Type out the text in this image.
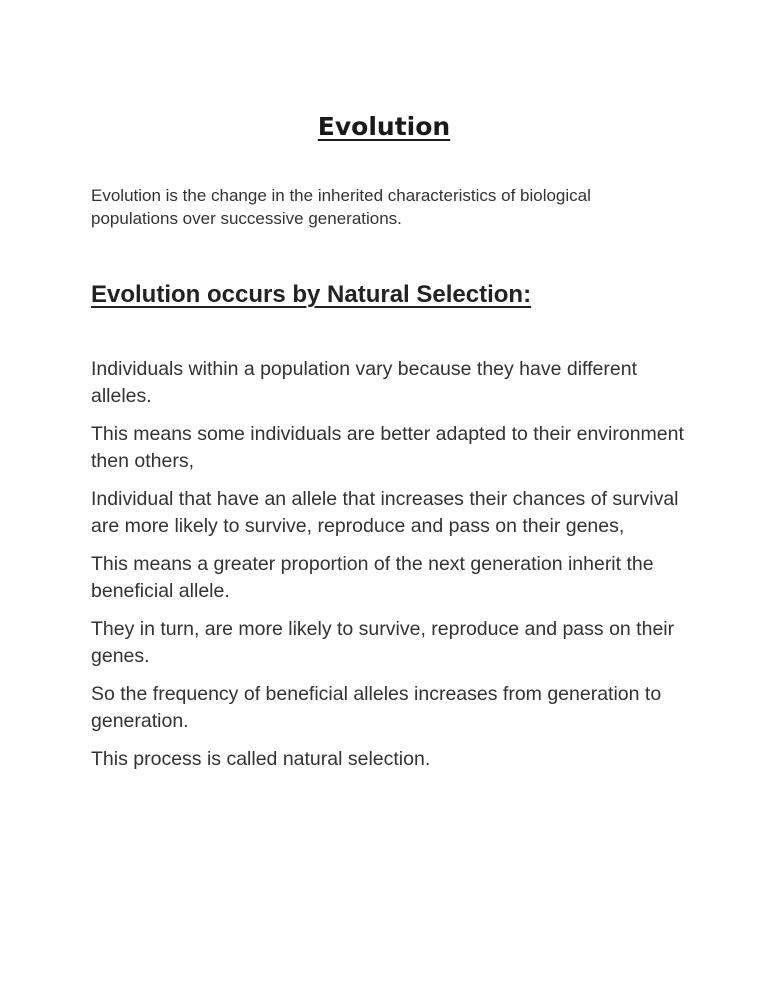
Evolution

Evolution is the change in the inherited characteristics of biological populations over successive generations.

Evolution occurs by Natural Selection:
Individuals within a population vary because they have different alleles.
This means some individuals are better adapted to their environment then others,
Individual that have an allele that increases their chances of survival are more likely to survive, reproduce and pass on their genes,
This means a greater proportion of the next generation inherit the beneficial allele.
They in turn, are more likely to survive, reproduce and pass on their genes.
So the frequency of beneficial alleles increases from generation to generation.
This process is called natural selection.
